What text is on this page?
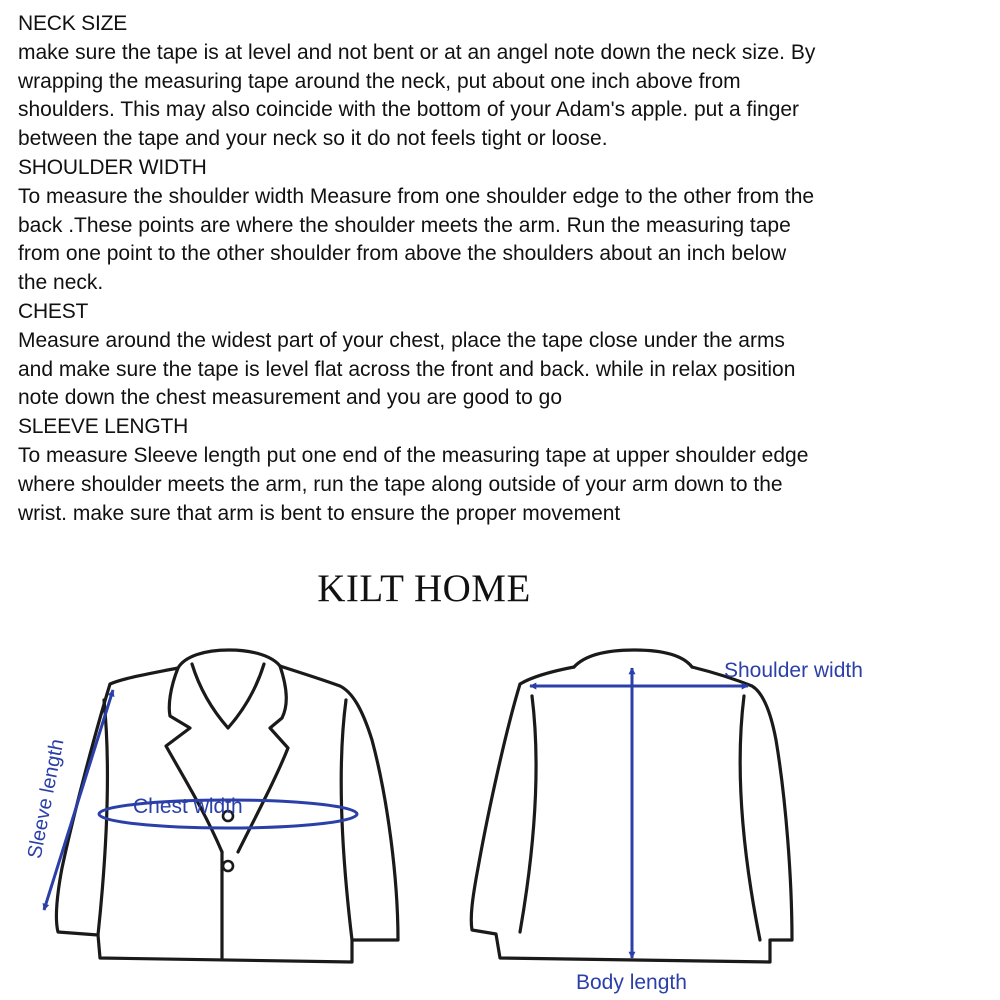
NECK SIZE

make sure the tape is at level and not bent or at an angel note down the neck size. By

wrapping the measuring tape around the neck, put about one inch above from

shoulders. This may also coincide with the bottom of your Adam's apple. put a finger

between the tape and your neck so it do not feels tight or loose.

SHOULDER WIDTH

To measure the shoulder width Measure from one shoulder edge to the other from the

back .These points are where the shoulder meets the arm. Run the measuring tape

from one point to the other shoulder from above the shoulders about an inch below

the neck.

CHEST

Measure around the widest part of your chest, place the tape close under the arms

and make sure the tape is level flat across the front and back. while in relax position

note down the chest measurement and you are good to go

SLEEVE LENGTH

To measure Sleeve length put one end of the measuring tape at upper shoulder edge

where shoulder meets the arm, run the tape along outside of your arm down to the

wrist. make sure that arm is bent to ensure the proper movement

KILT HOME
Sleeve length	Chest width
Shoulder width
Body length
